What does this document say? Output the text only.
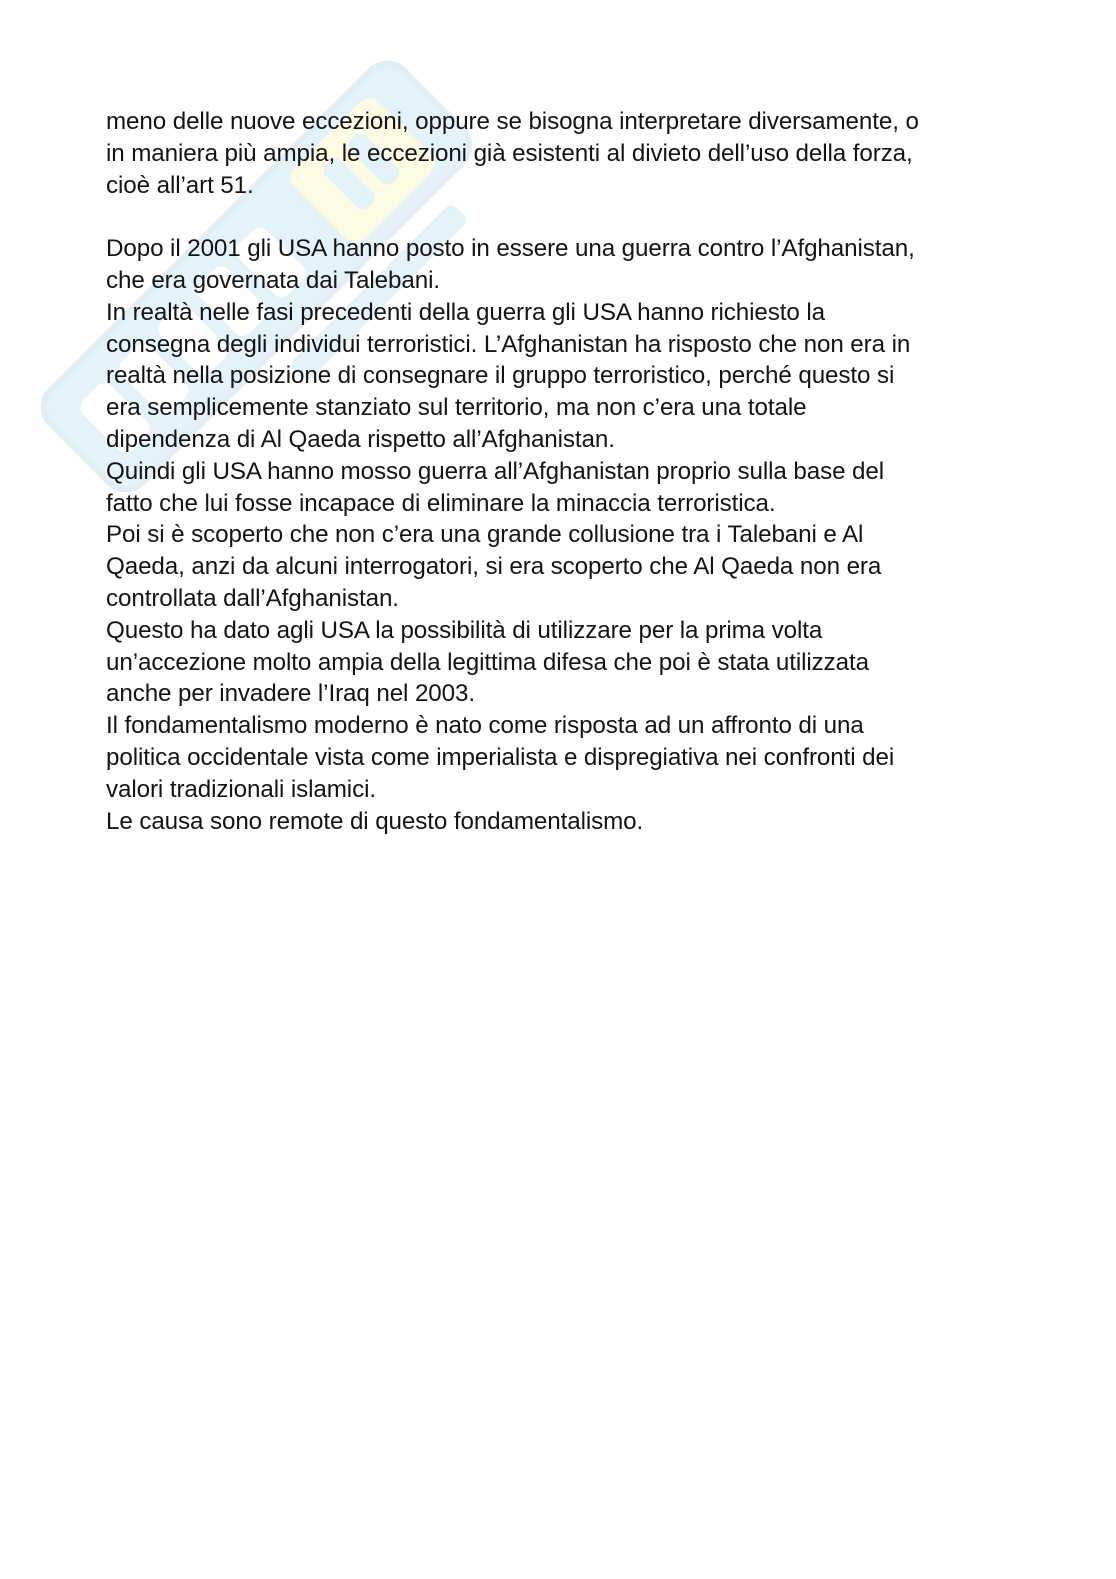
meno delle nuove eccezioni, oppure se bisogna interpretare diversamente, o
in maniera più ampia, le eccezioni già esistenti al divieto dell’uso della forza,
cioè all’art 51.

Dopo il 2001 gli USA hanno posto in essere una guerra contro l’Afghanistan,
che era governata dai Talebani.
In realtà nelle fasi precedenti della guerra gli USA hanno richiesto la
consegna degli individui terroristici. L’Afghanistan ha risposto che non era in
realtà nella posizione di consegnare il gruppo terroristico, perché questo si
era semplicemente stanziato sul territorio, ma non c’era una totale
dipendenza di Al Qaeda rispetto all’Afghanistan.
Quindi gli USA hanno mosso guerra all’Afghanistan proprio sulla base del
fatto che lui fosse incapace di eliminare la minaccia terroristica.
Poi si è scoperto che non c’era una grande collusione tra i Talebani e Al
Qaeda, anzi da alcuni interrogatori, si era scoperto che Al Qaeda non era
controllata dall’Afghanistan.
Questo ha dato agli USA la possibilità di utilizzare per la prima volta
un’accezione molto ampia della legittima difesa che poi è stata utilizzata
anche per invadere l’Iraq nel 2003.
Il fondamentalismo moderno è nato come risposta ad un affronto di una
politica occidentale vista come imperialista e dispregiativa nei confronti dei
valori tradizionali islamici.
Le causa sono remote di questo fondamentalismo.
